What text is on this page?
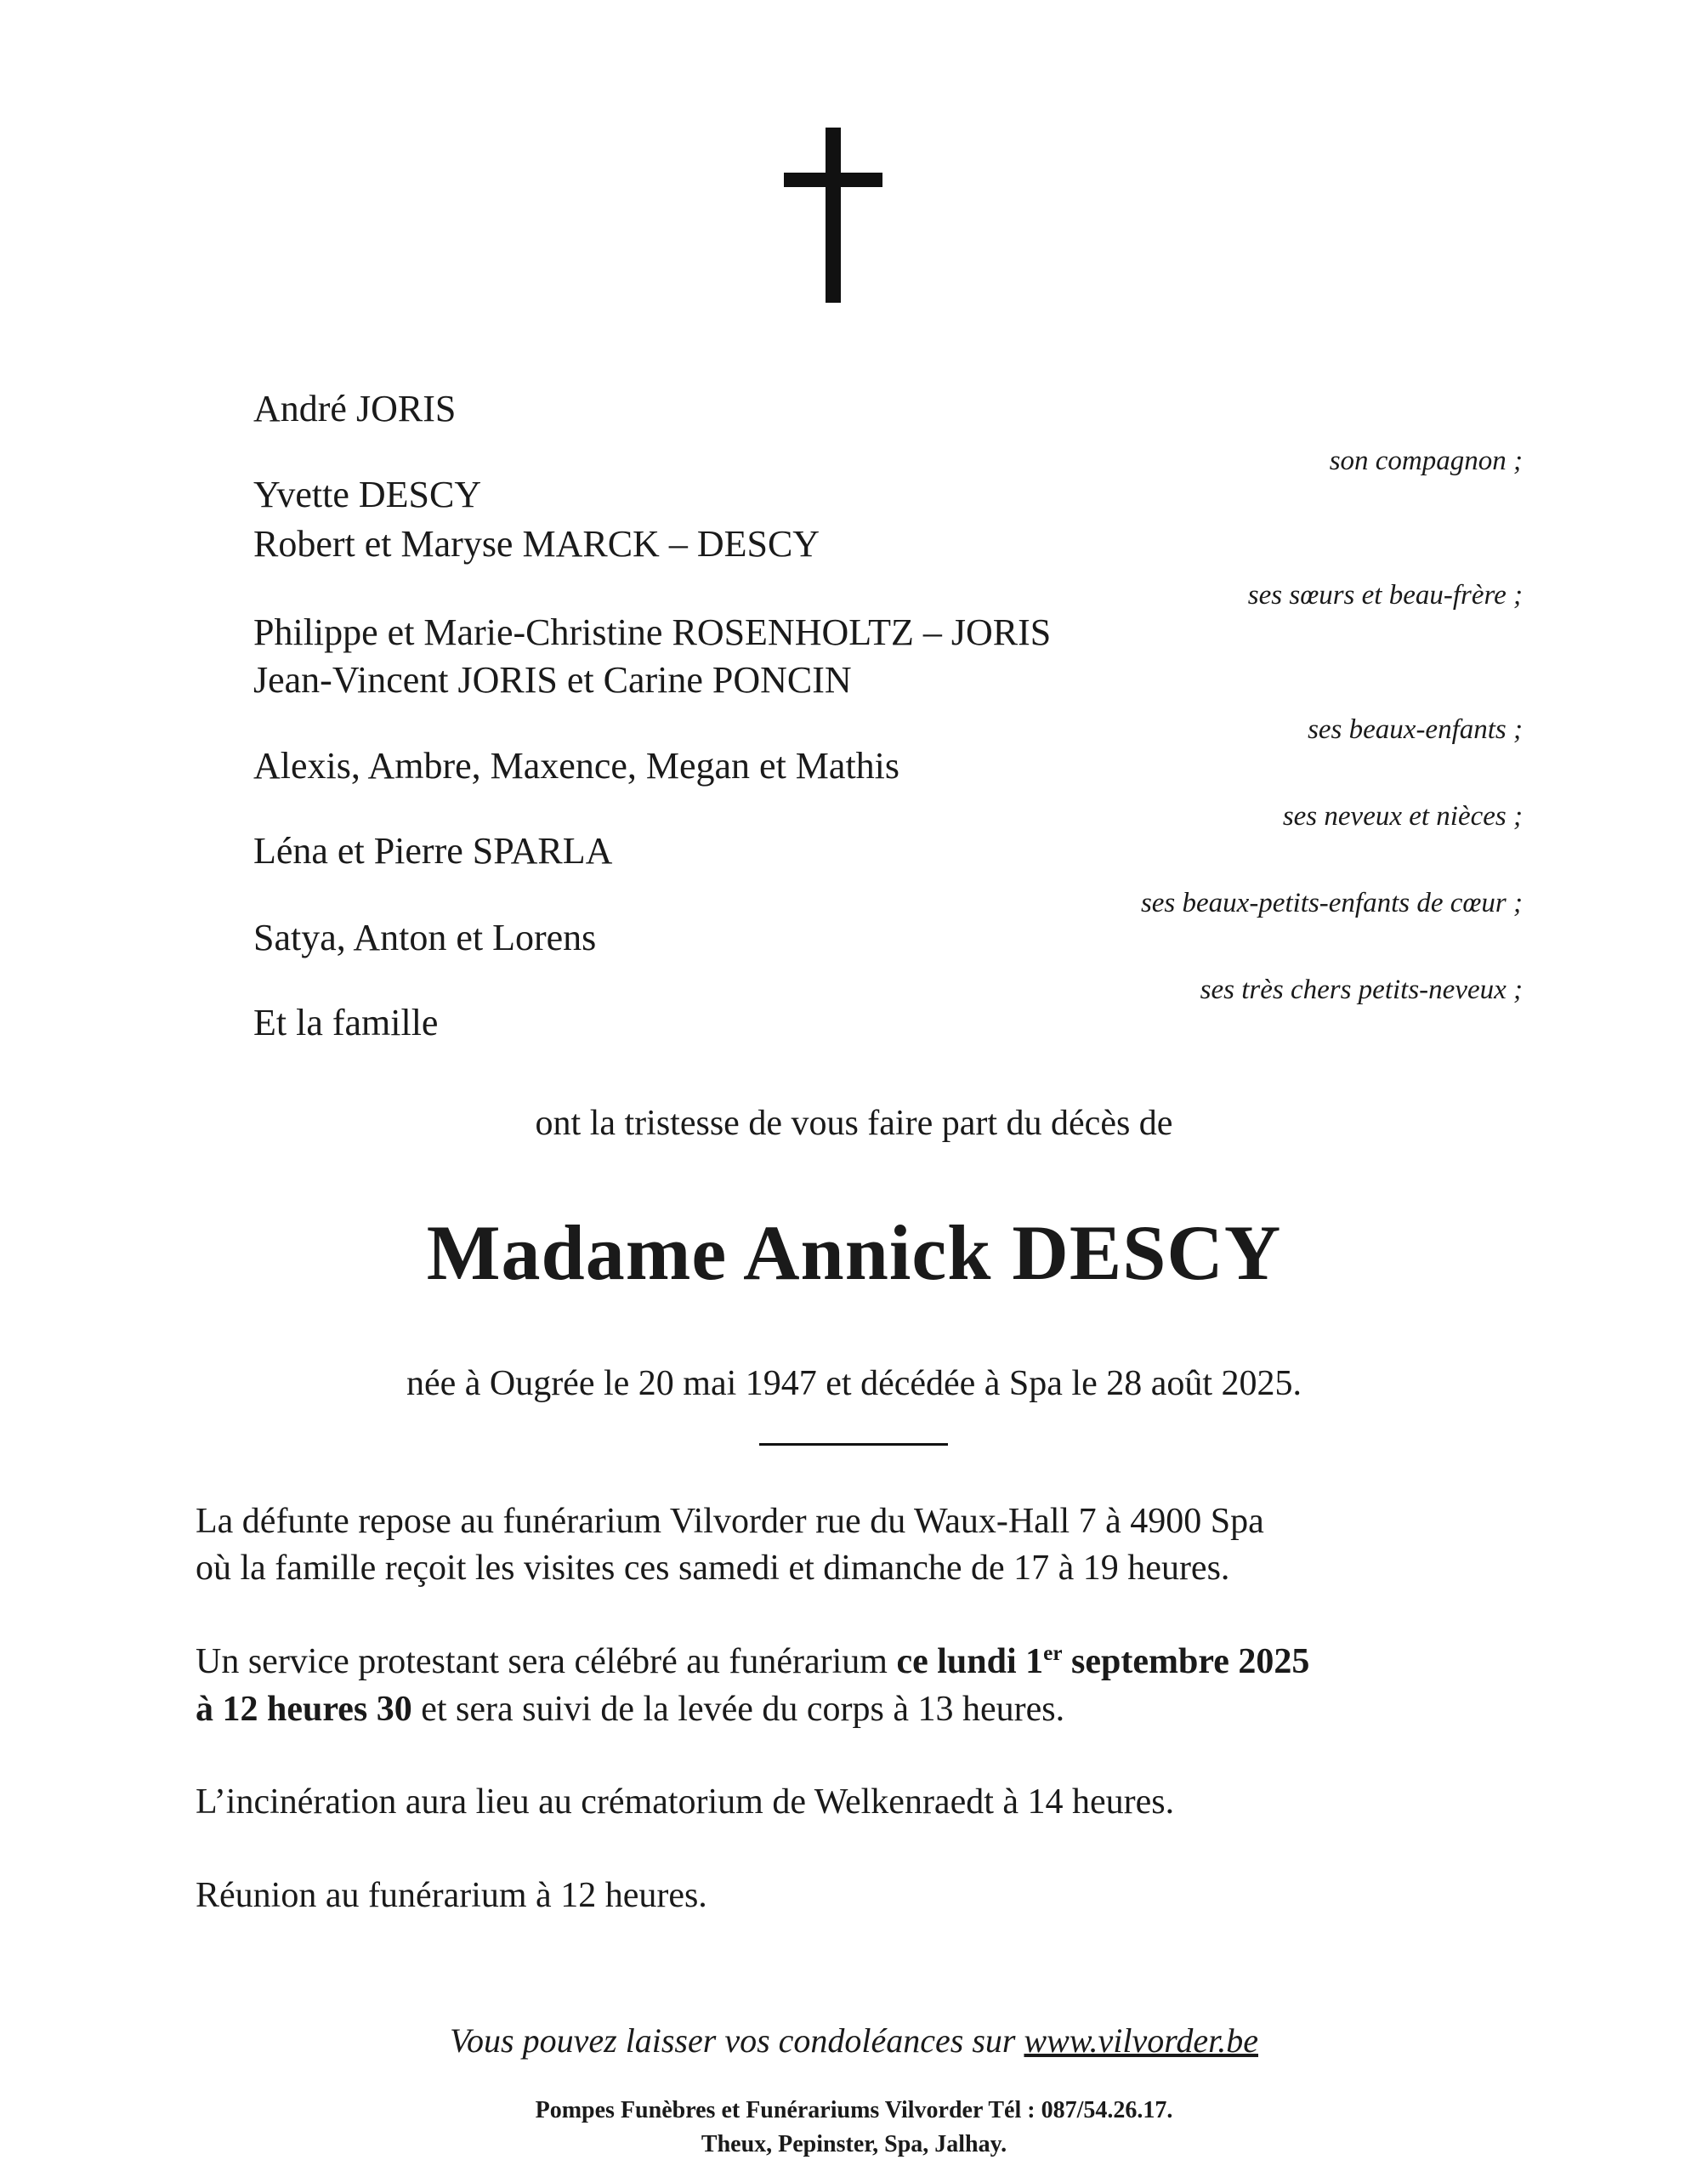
André JORIS
son compagnon ;
Yvette DESCY
Robert et Maryse MARCK – DESCY
ses sœurs et beau-frère ;
Philippe et Marie-Christine ROSENHOLTZ – JORIS
Jean-Vincent JORIS et Carine PONCIN
ses beaux-enfants ;
Alexis, Ambre, Maxence, Megan et Mathis
ses neveux et nièces ;
Léna et Pierre SPARLA
ses beaux-petits-enfants de cœur ;
Satya, Anton et Lorens
ses très chers petits-neveux ;
Et la famille
ont la tristesse de vous faire part du décès de
Madame Annick DESCY
née à Ougrée le 20 mai 1947 et décédée à Spa le 28 août 2025.
La défunte repose au funérarium Vilvorder rue du Waux-Hall 7 à 4900 Spa
où la famille reçoit les visites ces samedi et dimanche de 17 à 19 heures.
Un service protestant sera célébré au funérarium ce lundi 1er septembre 2025
à 12 heures 30 et sera suivi de la levée du corps à 13 heures.
L’incinération aura lieu au crématorium de Welkenraedt à 14 heures.
Réunion au funérarium à 12 heures.
Vous pouvez laisser vos condoléances sur www.vilvorder.be
Pompes Funèbres et Funérariums Vilvorder Tél : 087/54.26.17.
Theux, Pepinster, Spa, Jalhay.
